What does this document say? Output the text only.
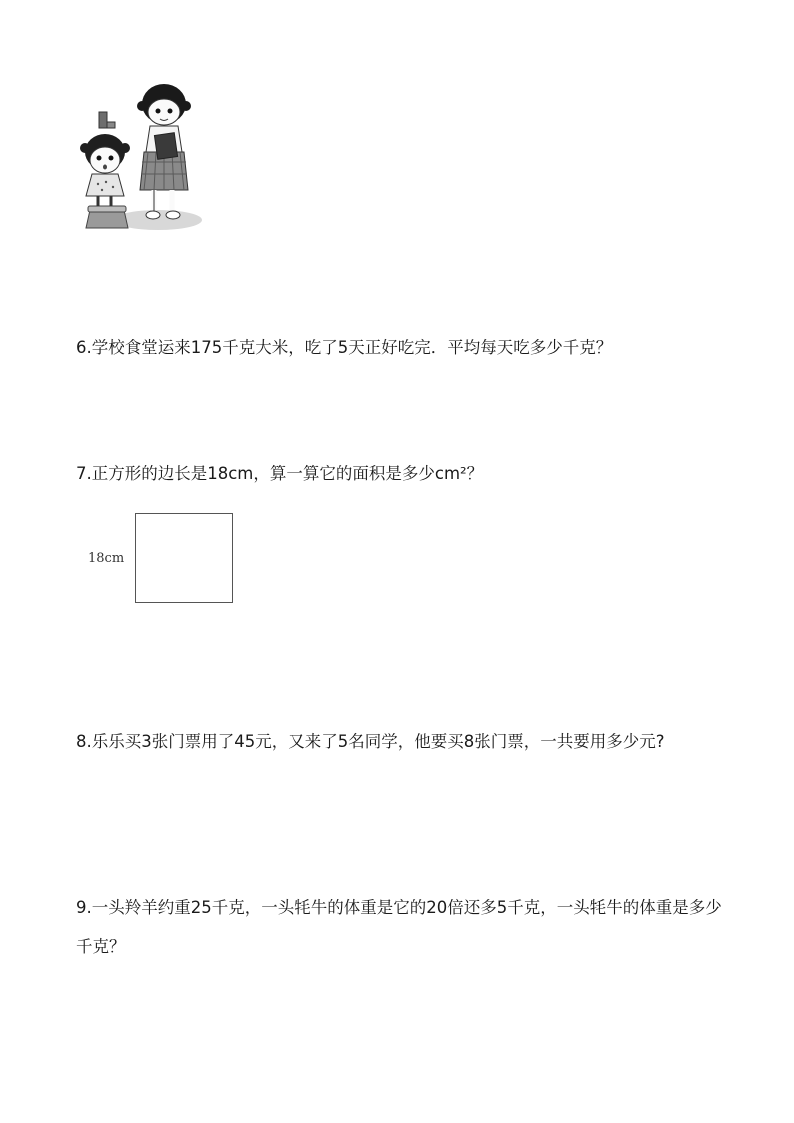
6.学校食堂运来175千克大米，吃了5天正好吃完．平均每天吃多少千克？
7.正方形的边长是18cm，算一算它的面积是多少cm²？
18cm
8.乐乐买3张门票用了45元，又来了5名同学，他要买8张门票，一共要用多少元?
9.一头羚羊约重25千克，一头牦牛的体重是它的20倍还多5千克，一头牦牛的体重是多少千克？
